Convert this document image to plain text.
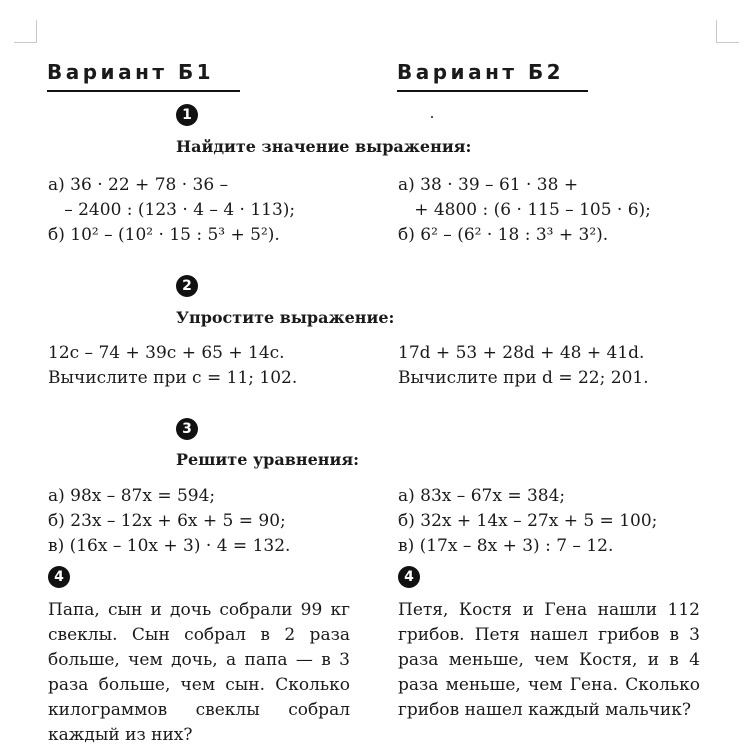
Вариант Б1	Вариант Б2
1
Найдите значение выражения:
а) 36 · 22 + 78 · 36 –
– 2400 : (123 · 4 – 4 · 113);
б) 10² – (10² · 15 : 5³ + 5²).
а) 38 · 39 – 61 · 38 +
+ 4800 : (6 · 115 – 105 · 6);
б) 6² – (6² · 18 : 3³ + 3²).
2
Упростите выражение:
12c – 74 + 39c + 65 + 14c.
Вычислите при c = 11; 102.
17d + 53 + 28d + 48 + 41d.
Вычислите при d = 22; 201.
3
Решите уравнения:
а) 98x – 87x = 594;
б) 23x – 12x + 6x + 5 = 90;
в) (16x – 10x + 3) · 4 = 132.
а) 83x – 67x = 384;
б) 32x + 14x – 27x + 5 = 100;
в) (17x – 8x + 3) : 7 – 12.
4	4
Папа, сын и дочь собрали 99 кг свеклы. Сын собрал в 2 раза больше, чем дочь, а папа — в 3 раза больше, чем сын. Сколько килограммов свеклы собрал каждый из них?
Петя, Костя и Гена нашли 112 грибов. Петя нашел грибов в 3 раза меньше, чем Костя, и в 4 раза меньше, чем Гена. Сколько грибов нашел каждый мальчик?
